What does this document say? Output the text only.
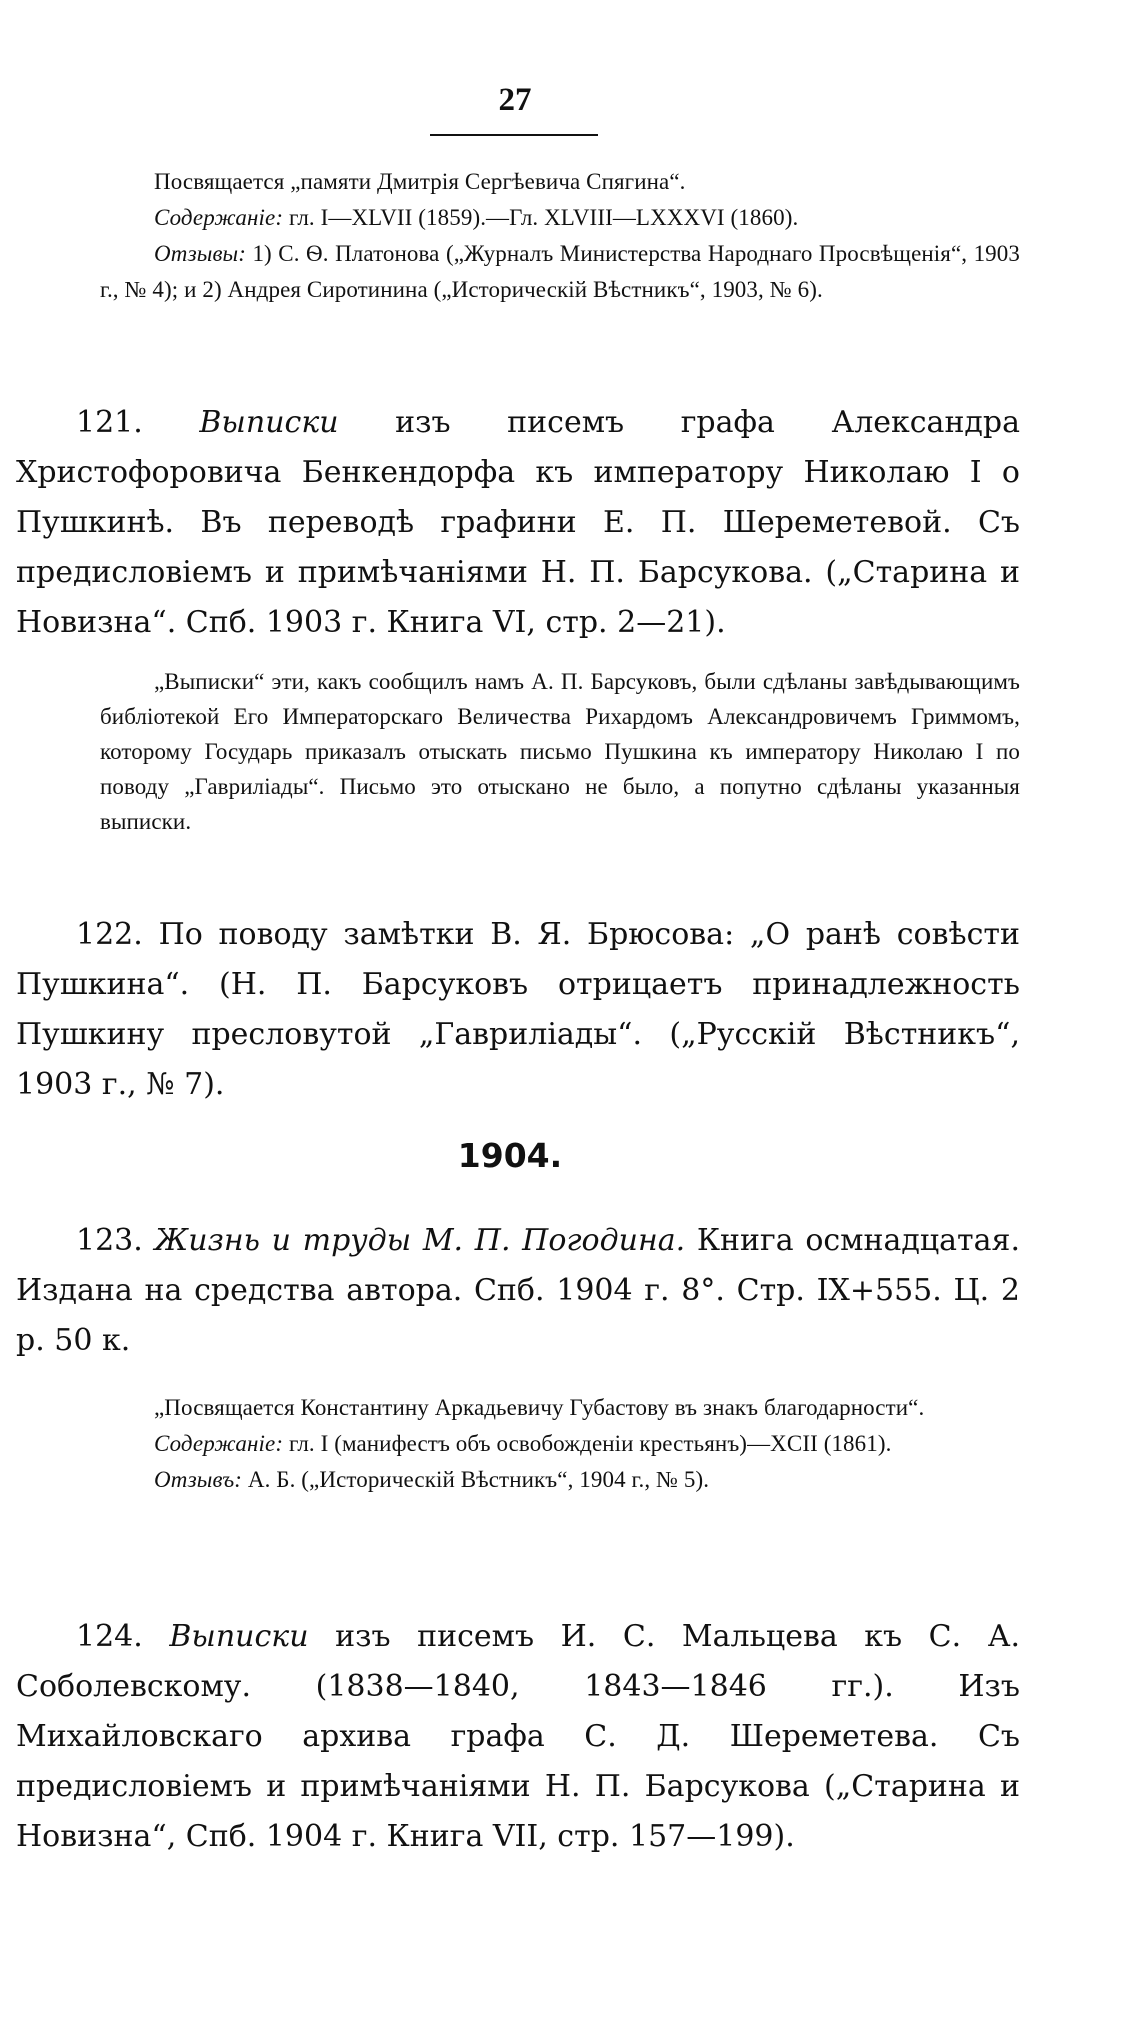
27

Посвящается „памяти Дмитрія Сергѣевича Спягина“.

Содержаніе: гл. I—XLVII (1859).—Гл. XLVIII—LXXXVI (1860).

Отзывы: 1) С. Ѳ. Платонова („Журналъ Министерства Народнаго Просвѣщенія“, 1903 г., № 4); и 2) Андрея Сиротинина („Историческій Вѣстникъ“, 1903, № 6).

121. Выписки изъ писемъ графа Александра Христофоровича Бенкендорфа къ императору Николаю I о Пушкинѣ. Въ переводѣ графини Е. П. Шереметевой. Съ предисловіемъ и примѣчаніями Н. П. Барсукова. („Старина и Новизна“. Спб. 1903 г. Книга VI, стр. 2—21).

„Выписки“ эти, какъ сообщилъ намъ А. П. Барсуковъ, были сдѣланы завѣдывающимъ библіотекой Его Императорскаго Величества Рихардомъ Александровичемъ Гриммомъ, которому Государь приказалъ отыскать письмо Пушкина къ императору Николаю I по поводу „Гавриліады“. Письмо это отыскано не было, а попутно сдѣланы указанныя выписки.

122. По поводу замѣтки В. Я. Брюсова: „О ранѣ совѣсти Пушкина“. (Н. П. Барсуковъ отрицаетъ принадлежность Пушкину пресловутой „Гавриліады“. („Русскій Вѣстникъ“, 1903 г., № 7).

1904.

123. Жизнь и труды М. П. Погодина. Книга осмнадцатая. Издана на средства автора. Спб. 1904 г. 8°. Стр. IX+555. Ц. 2 р. 50 к.

„Посвящается Константину Аркадьевичу Губастову въ знакъ благодарности“.

Содержаніе: гл. I (манифестъ объ освобожденіи крестьянъ)—XCII (1861).

Отзывъ: А. Б. („Историческій Вѣстникъ“, 1904 г., № 5).

124. Выписки изъ писемъ И. С. Мальцева къ С. А. Соболевскому. (1838—1840, 1843—1846 гг.). Изъ Михайловскаго архива графа С. Д. Шереметева. Съ предисловіемъ и примѣчаніями Н. П. Барсукова („Старина и Новизна“, Спб. 1904 г. Книга VII, стр. 157—199).
